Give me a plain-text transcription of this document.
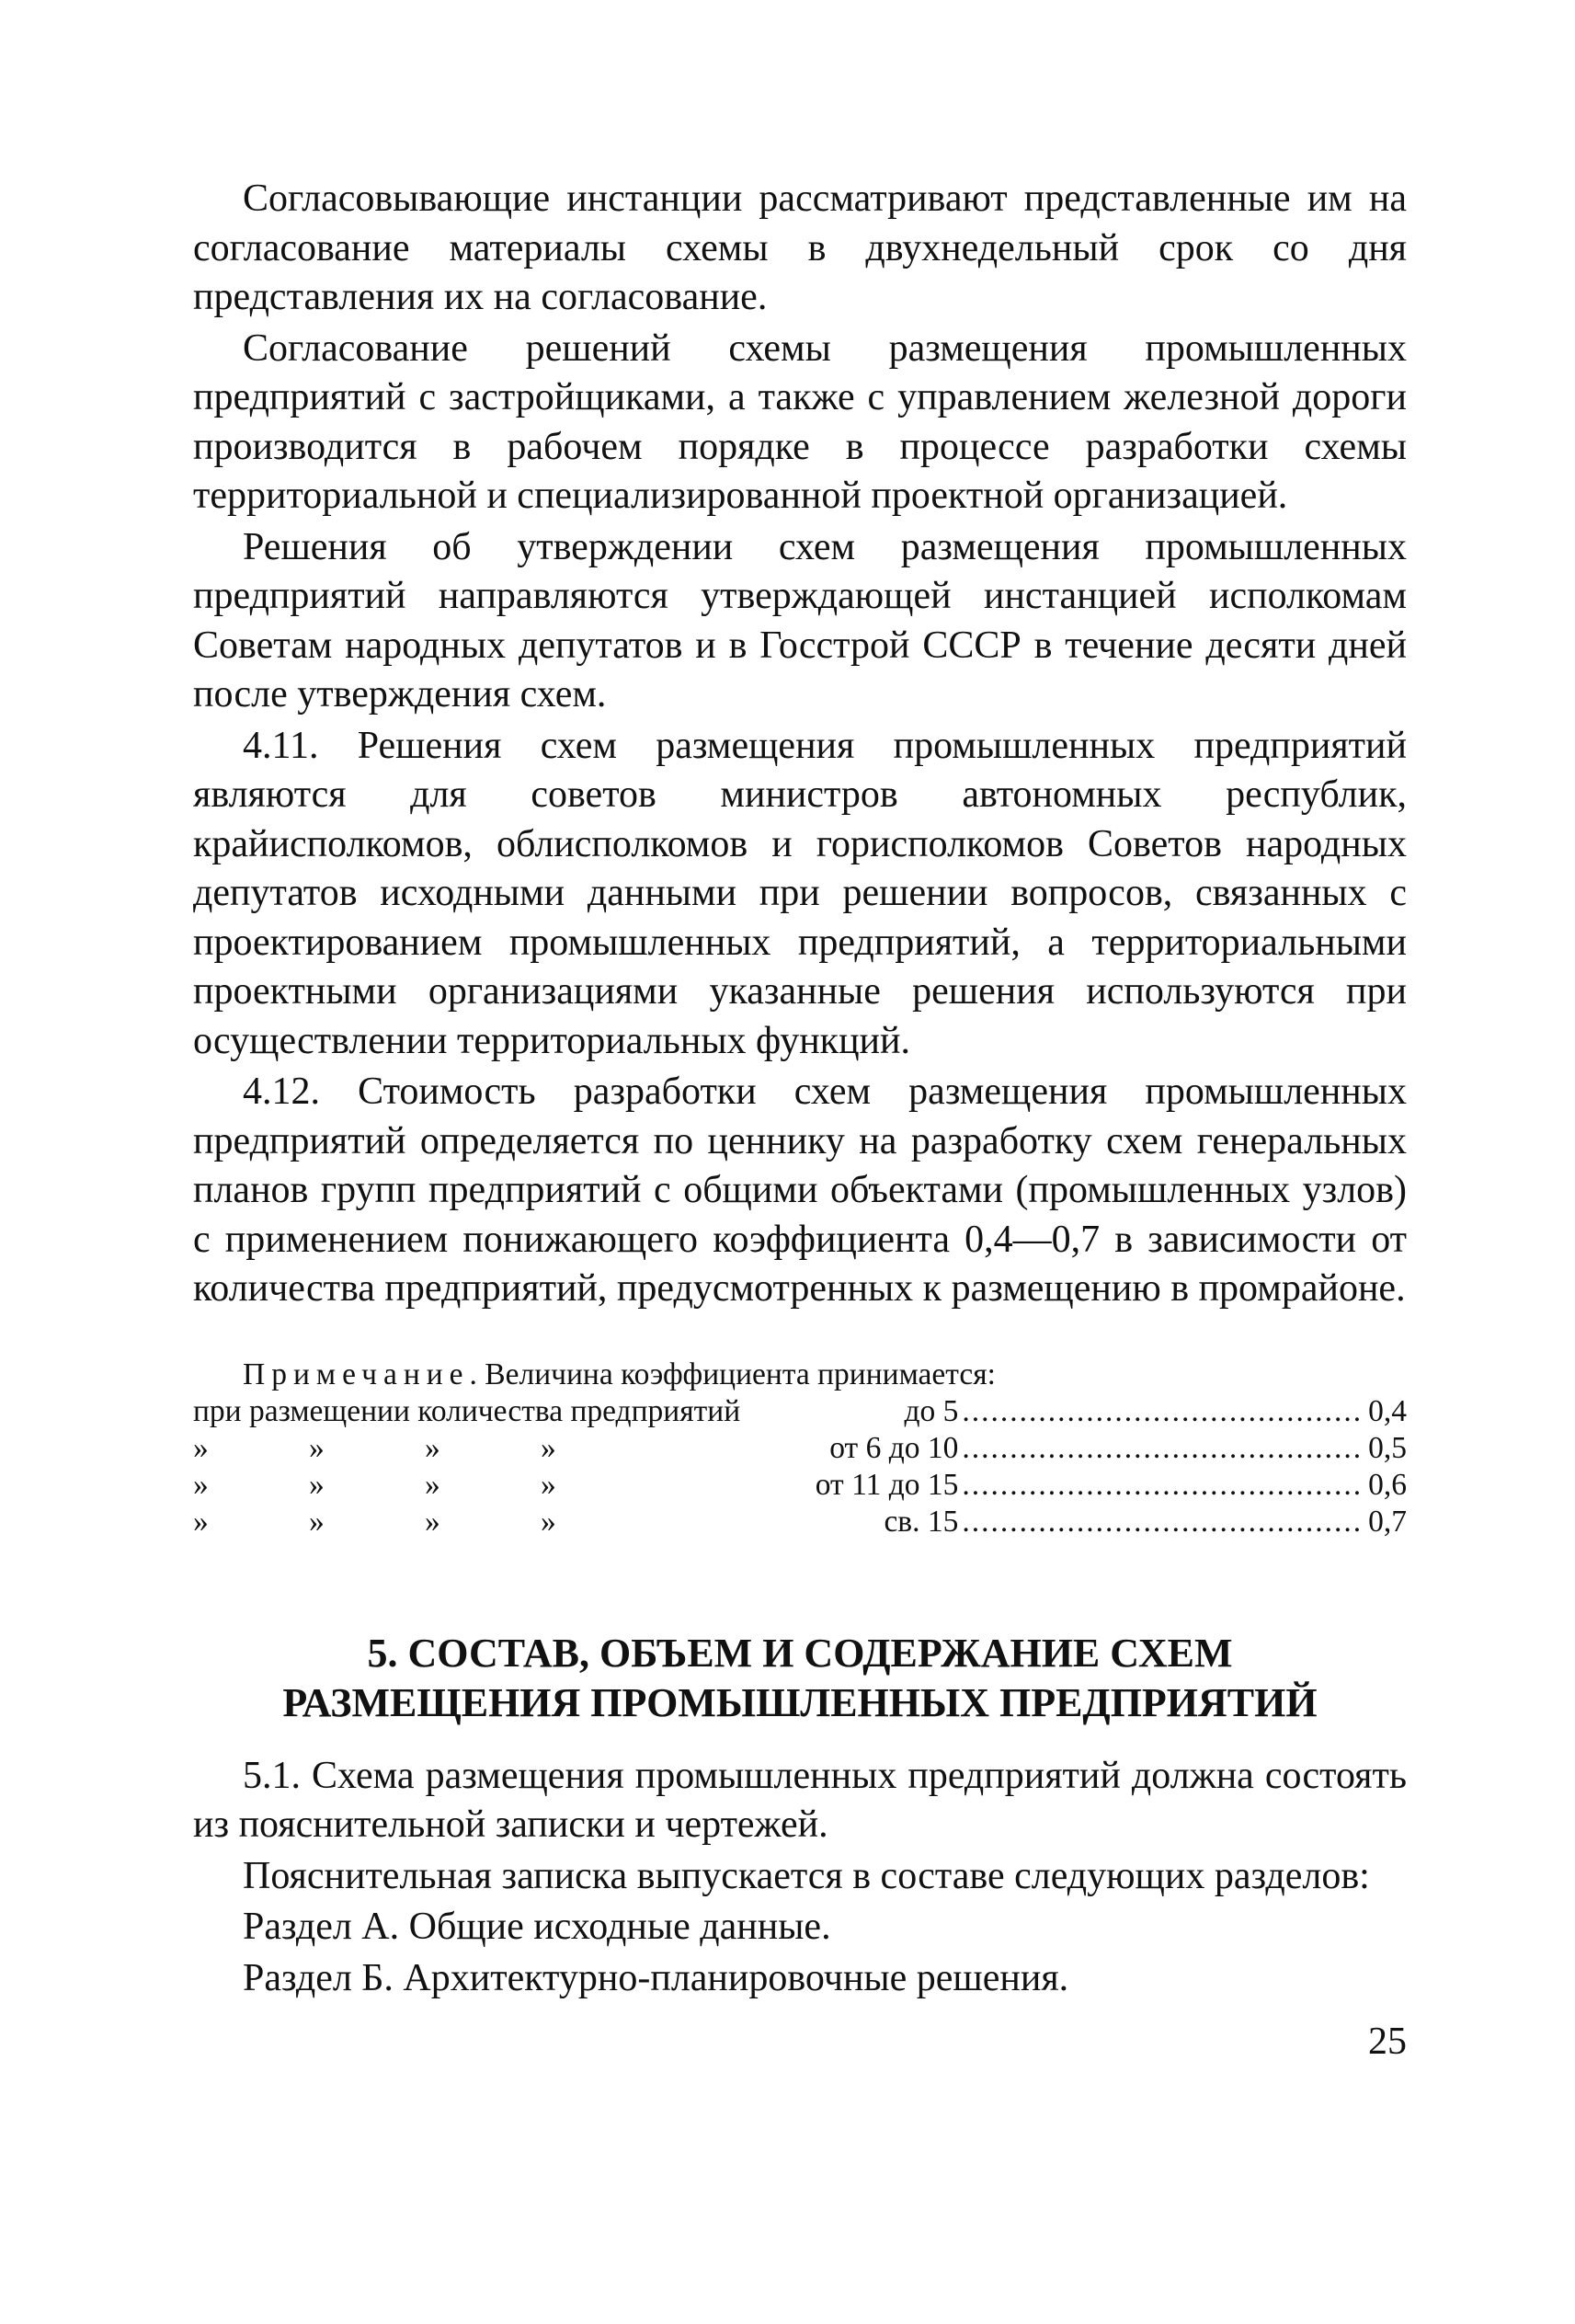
Согласовывающие инстанции рассматривают представленные им на согласование материалы схемы в двухнедельный срок со дня представления их на согласование.

Согласование решений схемы размещения промышленных предприятий с застройщиками, а также с управлением железной дороги производится в рабочем порядке в процессе разработки схемы территориальной и специализированной проектной организацией.

Решения об утверждении схем размещения промышленных предприятий направляются утверждающей инстанцией исполкомам Советам народных депутатов и в Госстрой СССР в течение десяти дней после утверждения схем.

4.11. Решения схем размещения промышленных предприятий являются для советов министров автономных республик, крайисполкомов, облисполкомов и горисполкомов Советов народных депутатов исходными данными при решении вопросов, связанных с проектированием промышленных предприятий, а территориальными проектными организациями указанные решения используются при осуществлении территориальных функций.

4.12. Стоимость разработки схем размещения промышленных предприятий определяется по ценнику на разработку схем генеральных планов групп предприятий с общими объектами (промышленных узлов) с применением понижающего коэффициента 0,4—0,7 в зависимости от количества предприятий, предусмотренных к размещению в промрайоне.

Примечание. Величина коэффициента принимается:

при размещении количества предприятий	до 5 .......................................... 0,4
»	»	»	»	от 6 до 10 .......................................... 0,5
»	»	»	»	от 11 до 15 .......................................... 0,6
»	»	»	»	св. 15 .......................................... 0,7
5. СОСТАВ, ОБЪЕМ И СОДЕРЖАНИЕ СХЕМ
РАЗМЕЩЕНИЯ ПРОМЫШЛЕННЫХ ПРЕДПРИЯТИЙ

5.1. Схема размещения промышленных предприятий должна состоять из пояснительной записки и чертежей.

Пояснительная записка выпускается в составе следующих разделов:

Раздел А. Общие исходные данные.

Раздел Б. Архитектурно-планировочные решения.

25
